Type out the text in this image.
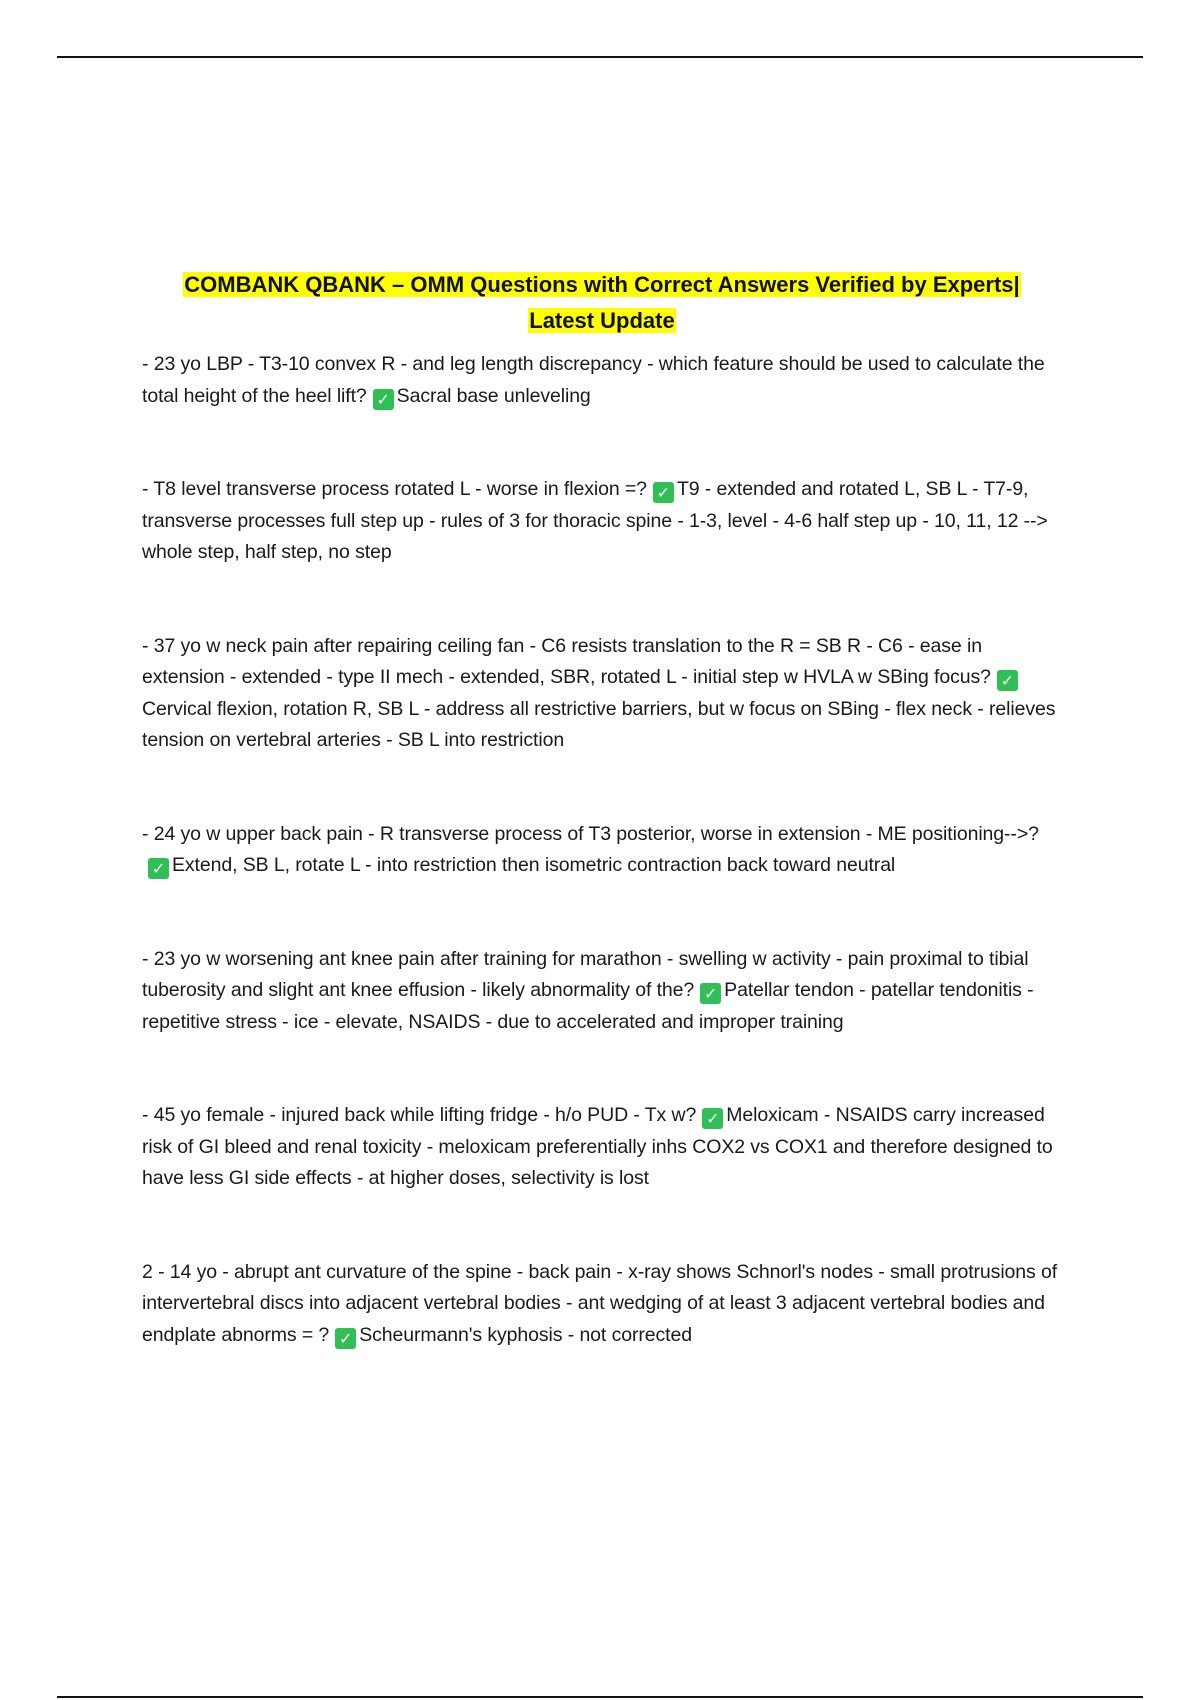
COMBANK QBANK – OMM Questions with Correct Answers Verified by Experts|
Latest Update

- 23 yo LBP - T3-10 convex R - and leg length discrepancy - which feature should be used to calculate the total height of the heel lift? ✓ Sacral base unleveling

- T8 level transverse process rotated L - worse in flexion =? ✓ T9 - extended and rotated L, SB L - T7-9, transverse processes full step up - rules of 3 for thoracic spine - 1-3, level - 4-6 half step up - 10, 11, 12 --> whole step, half step, no step

- 37 yo w neck pain after repairing ceiling fan - C6 resists translation to the R = SB R - C6 - ease in extension - extended - type II mech - extended, SBR, rotated L - initial step w HVLA w SBing focus? ✓Cervical flexion, rotation R, SB L - address all restrictive barriers, but w focus on SBing - flex neck - relieves tension on vertebral arteries - SB L into restriction

- 24 yo w upper back pain - R transverse process of T3 posterior, worse in extension - ME positioning-->?✓ Extend, SB L, rotate L - into restriction then isometric contraction back toward neutral

- 23 yo w worsening ant knee pain after training for marathon - swelling w activity - pain proximal to tibial tuberosity and slight ant knee effusion - likely abnormality of the? ✓ Patellar tendon - patellar tendonitis - repetitive stress - ice - elevate, NSAIDS - due to accelerated and improper training

- 45 yo female - injured back while lifting fridge - h/o PUD - Tx w? ✓ Meloxicam - NSAIDS carry increased risk of GI bleed and renal toxicity - meloxicam preferentially inhs COX2 vs COX1 and therefore designed to have less GI side effects - at higher doses, selectivity is lost

2 - 14 yo - abrupt ant curvature of the spine - back pain - x-ray shows Schnorl's nodes - small protrusions of intervertebral discs into adjacent vertebral bodies - ant wedging of at least 3 adjacent vertebral bodies and endplate abnorms = ? ✓ Scheurmann's kyphosis - not corrected
